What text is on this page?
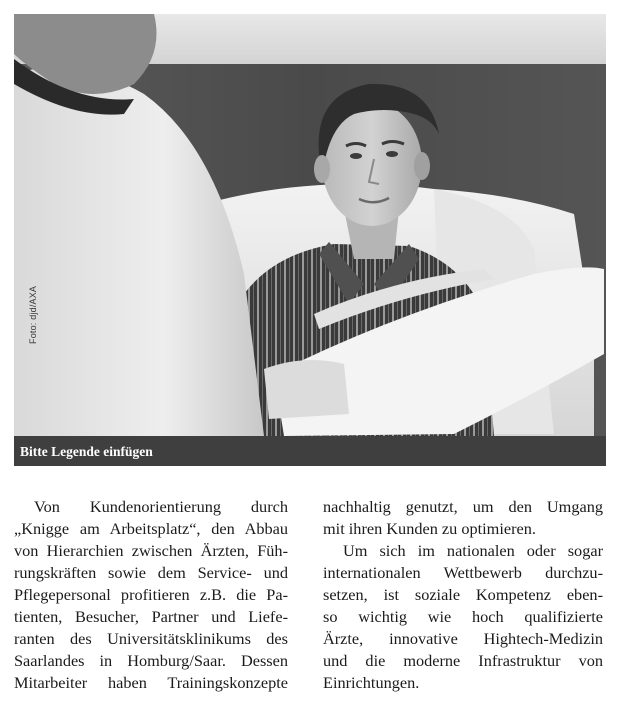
Foto: djd/AXA
Bitte Legende einfügen
Von Kundenorientierung durch
„Knigge am Arbeitsplatz“, den Abbau
von Hierarchien zwischen Ärzten, Füh-
rungskräften sowie dem Service- und
Pflegepersonal profitieren z.B. die Pa-
tienten, Besucher, Partner und Liefe-
ranten des Universitätsklinikums des
Saarlandes in Homburg/Saar. Dessen
Mitarbeiter haben Trainingskonzepte
nachhaltig genutzt, um den Umgang
mit ihren Kunden zu optimieren.
Um sich im nationalen oder sogar
internationalen Wettbewerb durchzu-
setzen, ist soziale Kompetenz eben-
so wichtig wie hoch qualifizierte
Ärzte, innovative Hightech-Medizin
und die moderne Infrastruktur von
Einrichtungen.
